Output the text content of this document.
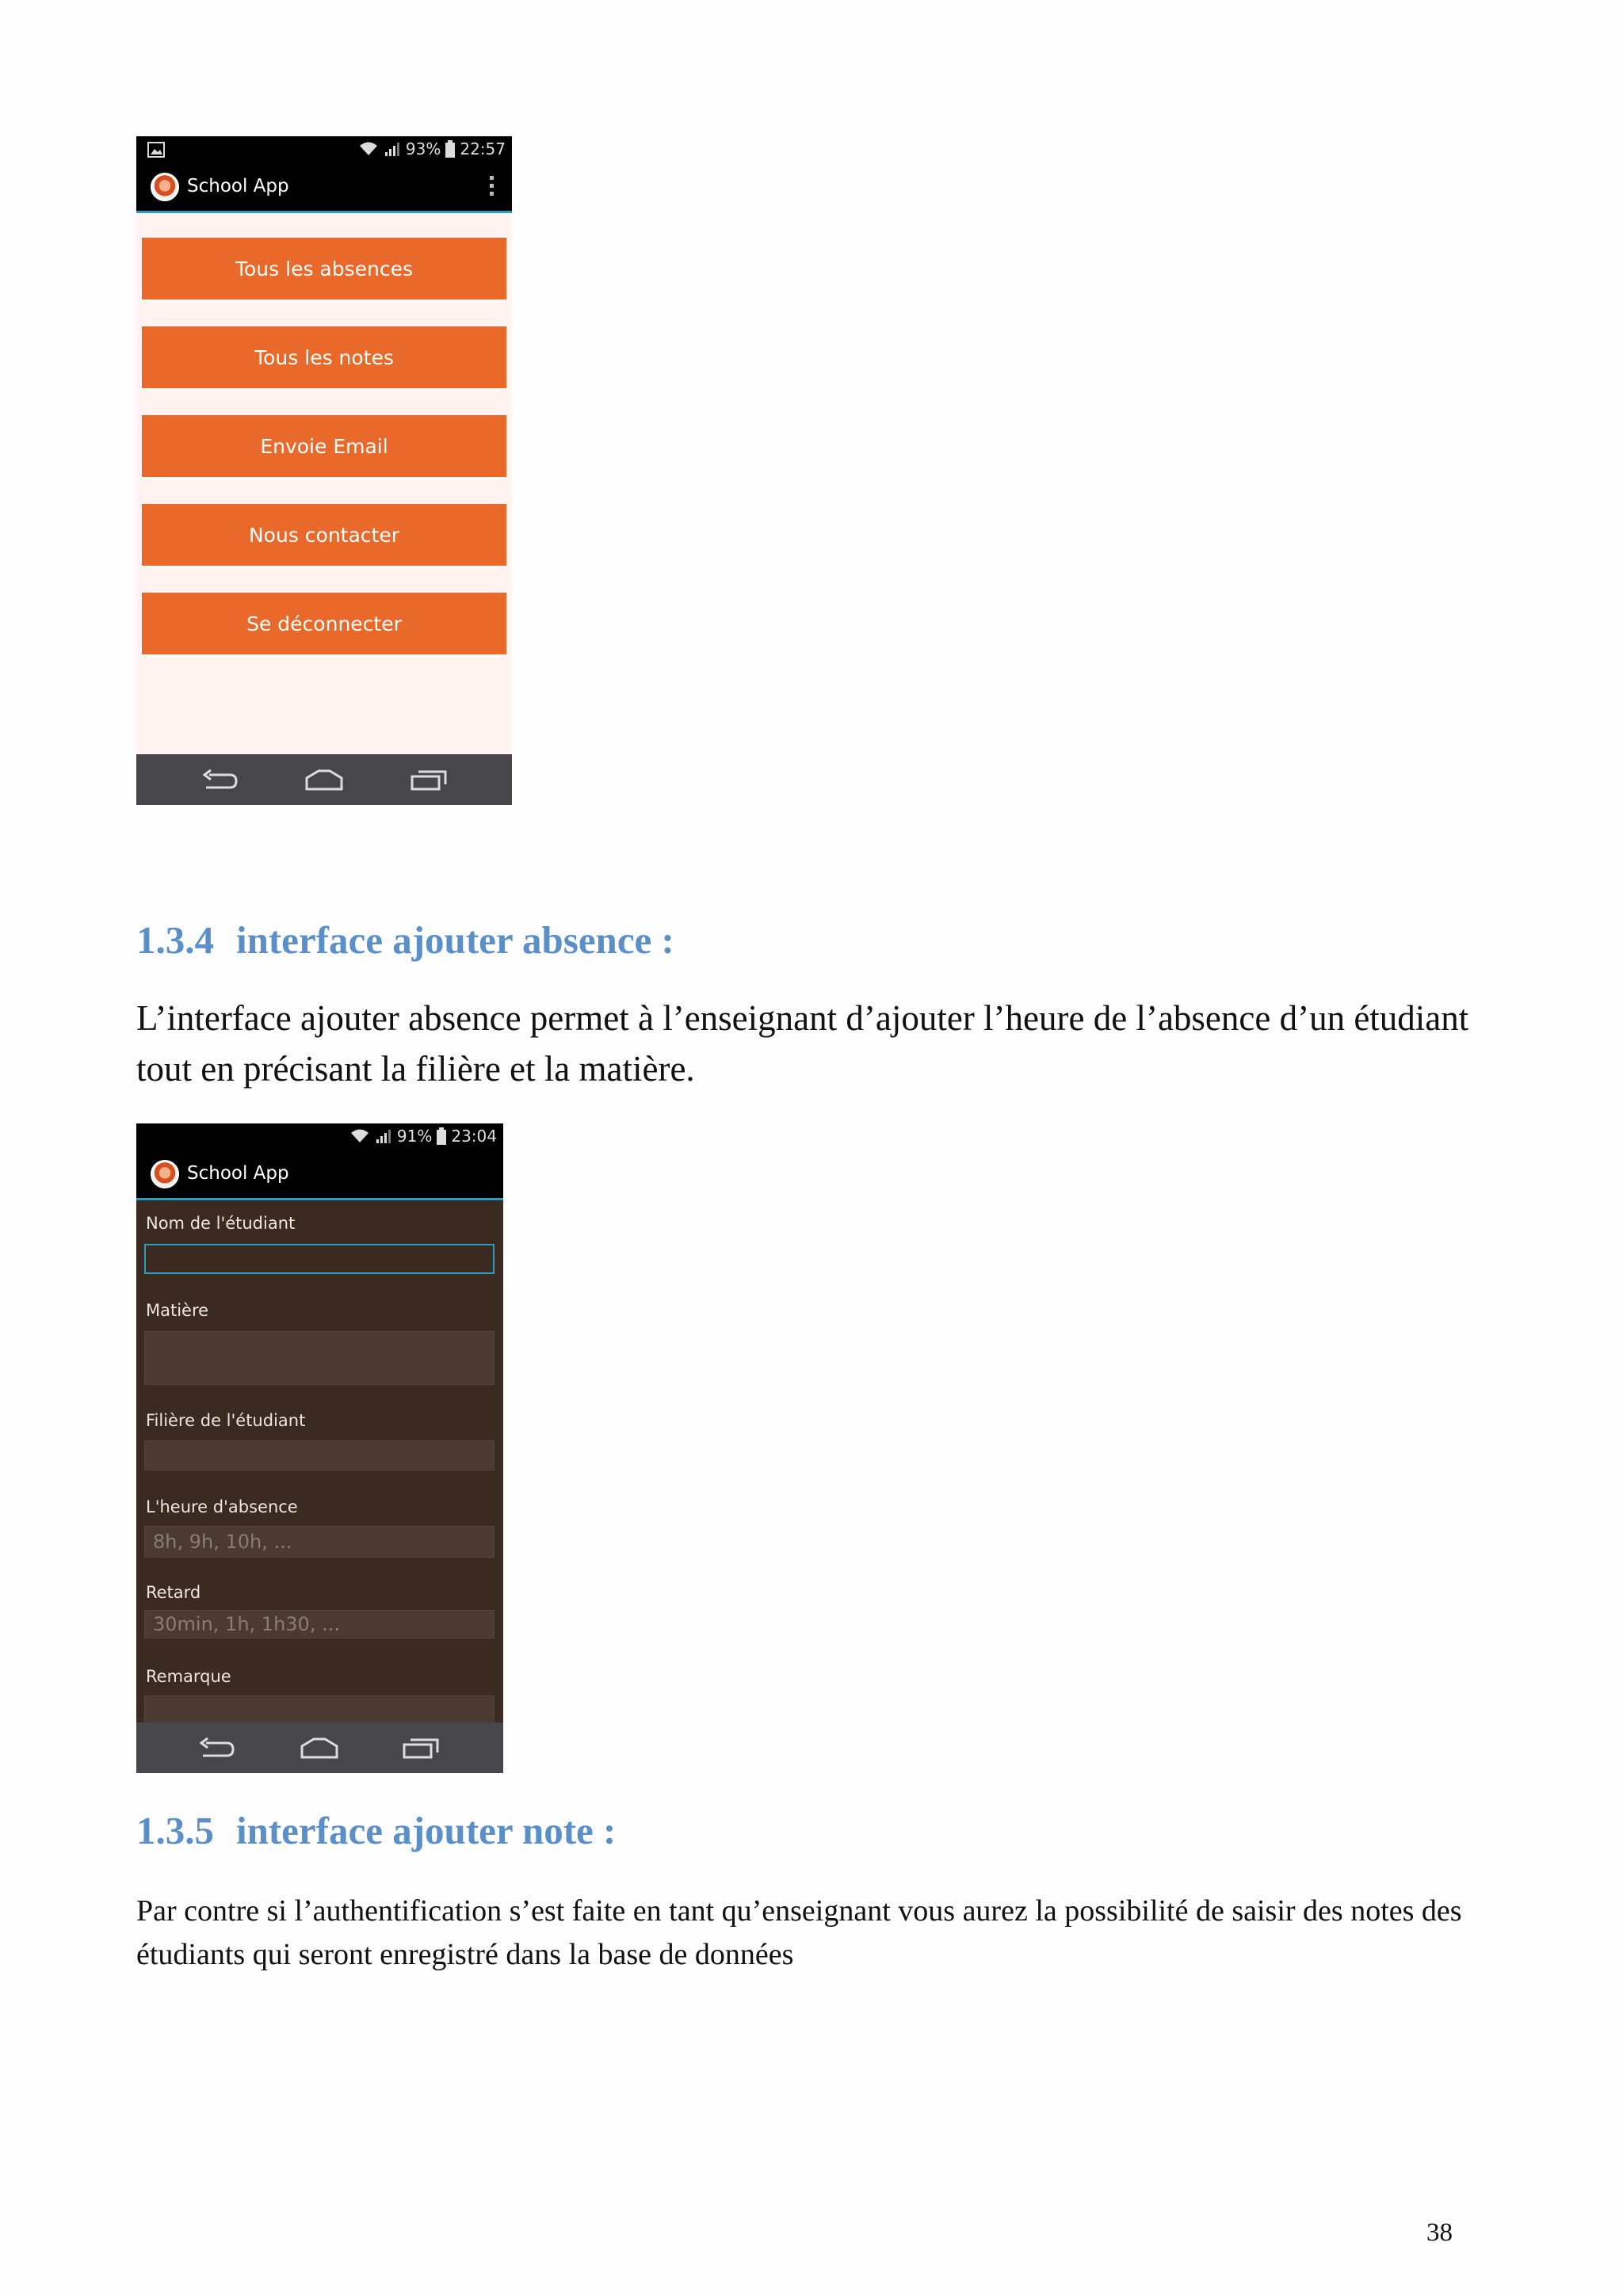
93% 22:57
School App
Tous les absences
Tous les notes
Envoie Email
Nous contacter
Se déconnecter
1.3.4 interface ajouter absence :

L’interface ajouter absence permet à l’enseignant d’ajouter l’heure de l’absence d’un étudiant tout en précisant la filière et la matière.

91% 23:04
School App
Nom de l'étudiant
Matière
Filière de l'étudiant
L'heure d'absence
8h, 9h, 10h, ...
Retard
30min, 1h, 1h30, ...
Remarque
1.3.5 interface ajouter note :

Par contre si l’authentification s’est faite en tant qu’enseignant vous aurez la possibilité de saisir des notes des étudiants qui seront enregistré dans la base de données

38
